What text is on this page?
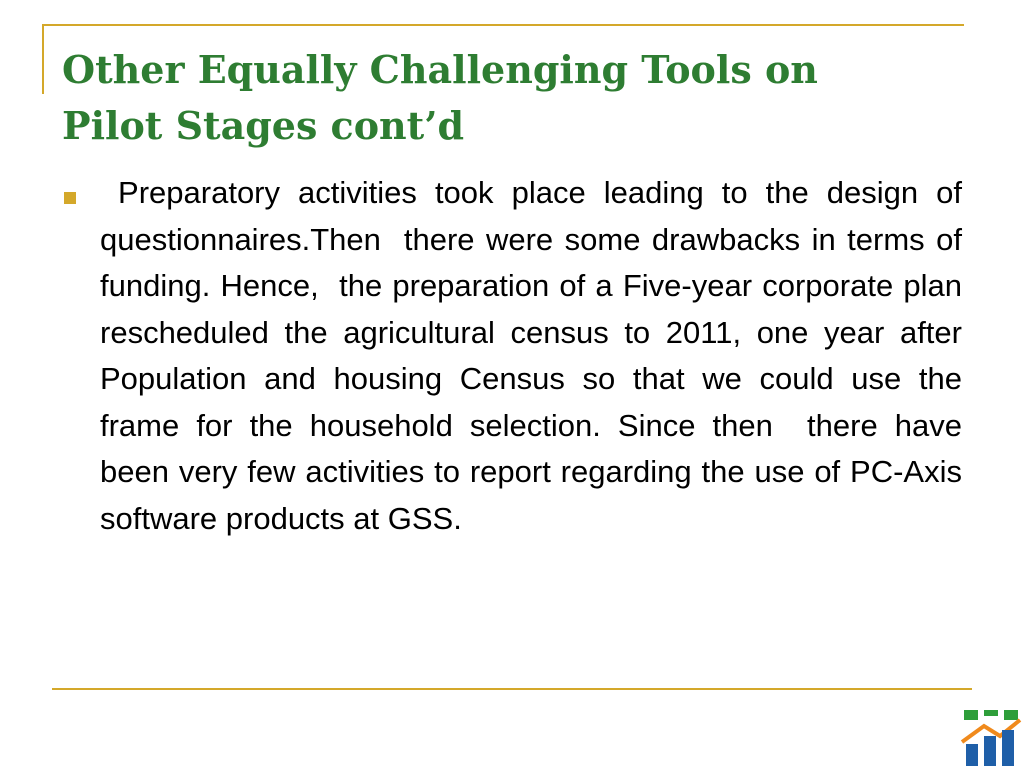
Other Equally Challenging Tools on
Pilot Stages cont’d

Preparatory activities took place leading to the design of questionnaires.Then  there were some drawbacks in terms of funding. Hence,  the preparation of a Five-year corporate plan rescheduled the agricultural census to 2011, one year after Population and housing Census so that we could use the frame for the household selection. Since then  there have been very few activities to report regarding the use of PC-Axis software products at GSS.
